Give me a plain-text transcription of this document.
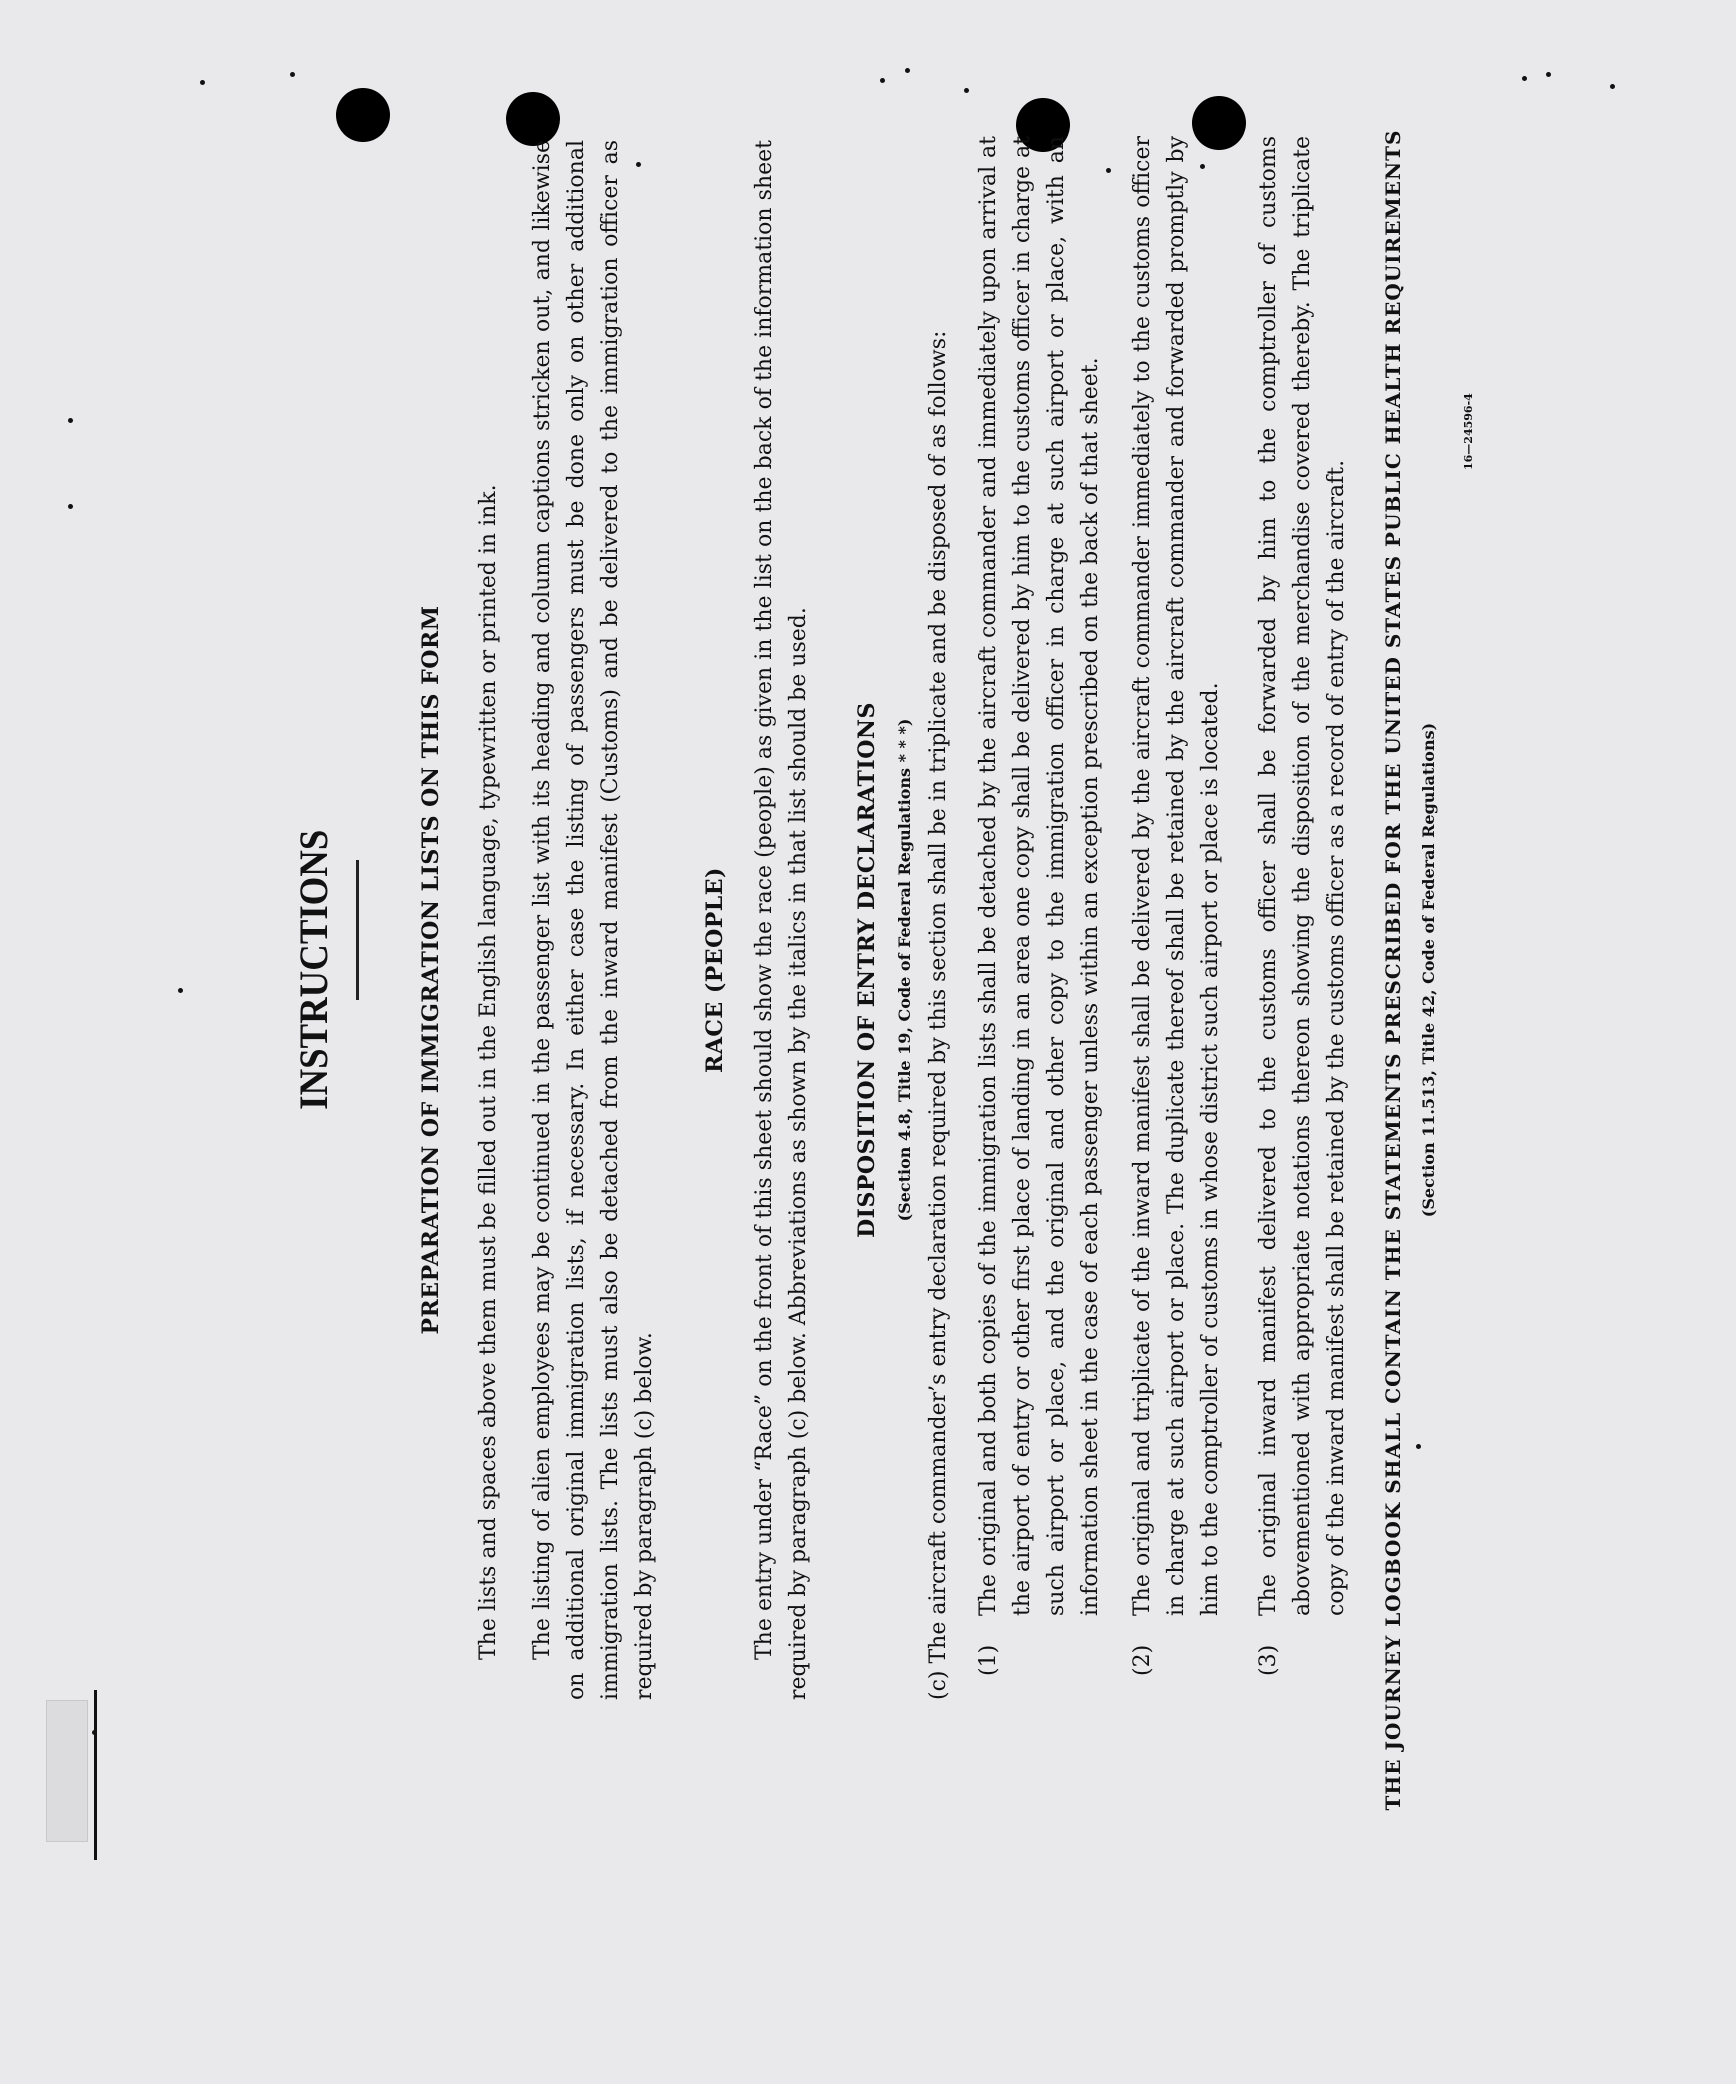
INSTRUCTIONS	PREPARATION OF IMMIGRATION LISTS ON THIS FORM The lists and spaces above them must be filled out in the English language, typewritten or printed in ink. The listing of alien employees may be continued in the passenger list with its heading and column captions stricken out, and likewise on additional original immigration lists, if necessary. In either case the listing of passengers must be done only on other additional immigration lists. The lists must also be detached from the inward manifest (Customs) and be delivered to the immigration officer as required by paragraph (c) below.
RACE (PEOPLE) The entry under “Race” on the front of this sheet should show the race (people) as given in the list on the back of the information sheet required by paragraph (c) below. Abbreviations as shown by the italics in that list should be used. DISPOSITION OF ENTRY DECLARATIONS (Section 4.8, Title 19, Code of Federal Regulations * * *) (c) The aircraft commander’s entry declaration required by this section shall be in triplicate and be disposed of as follows: (1)
The original and both copies of the immigration lists shall be detached by the aircraft commander and immediately upon arrival at the airport of entry or other first place of landing in an area one copy shall be delivered by him to the customs officer in charge at such airport or place, and the original and other copy to the immigration officer in charge at such airport or place, with an information sheet in the case of each passenger unless within an exception prescribed on the back of that sheet.
(2)
The original and triplicate of the inward manifest shall be delivered by the aircraft commander immediately to the customs officer in charge at such airport or place. The duplicate thereof shall be retained by the aircraft commander and forwarded promptly by him to the comptroller of customs in whose district such airport or place is located.
(3)
The original inward manifest delivered to the customs officer shall be forwarded by him to the comptroller of customs abovementioned with appropriate notations thereon showing the disposition of the merchandise covered thereby. The triplicate copy of the inward manifest shall be retained by the customs officer as a record of entry of the aircraft.
16—24596-4
THE JOURNEY LOGBOOK SHALL CONTAIN THE STATEMENTS PRESCRIBED FOR THE UNITED STATES PUBLIC HEALTH REQUIREMENTS (Section 11.513, Title 42, Code of Federal Regulations)
